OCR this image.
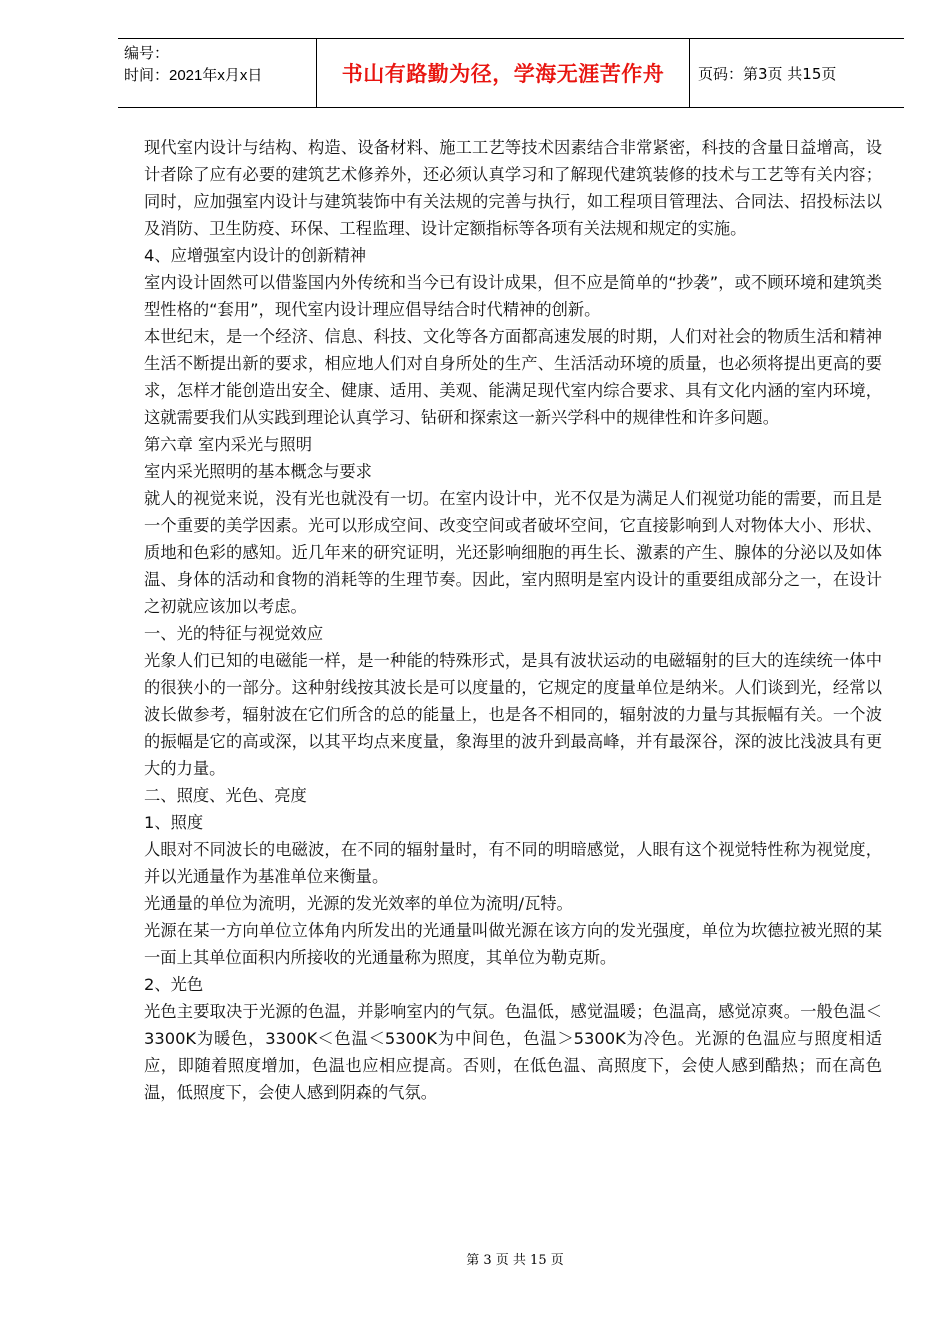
编号：
时间：2021年x月x日	书山有路勤为径，学海无涯苦作舟	页码：第3页 共15页

现代室内设计与结构、构造、设备材料、施工工艺等技术因素结合非常紧密，科技的含量日益增高，设计者除了应有必要的建筑艺术修养外，还必须认真学习和了解现代建筑装修的技术与工艺等有关内容；同时，应加强室内设计与建筑装饰中有关法规的完善与执行，如工程项目管理法、合同法、招投标法以及消防、卫生防疫、环保、工程监理、设计定额指标等各项有关法规和规定的实施。

4、应增强室内设计的创新精神

室内设计固然可以借鉴国内外传统和当今已有设计成果，但不应是简单的“抄袭”，或不顾环境和建筑类型性格的“套用”，现代室内设计理应倡导结合时代精神的创新。

本世纪末，是一个经济、信息、科技、文化等各方面都高速发展的时期，人们对社会的物质生活和精神生活不断提出新的要求，相应地人们对自身所处的生产、生活活动环境的质量，也必须将提出更高的要求，怎样才能创造出安全、健康、适用、美观、能满足现代室内综合要求、具有文化内涵的室内环境，这就需要我们从实践到理论认真学习、钻研和探索这一新兴学科中的规律性和许多问题。

第六章 室内采光与照明

室内采光照明的基本概念与要求

就人的视觉来说，没有光也就没有一切。在室内设计中，光不仅是为满足人们视觉功能的需要，而且是一个重要的美学因素。光可以形成空间、改变空间或者破坏空间，它直接影响到人对物体大小、形状、质地和色彩的感知。近几年来的研究证明，光还影响细胞的再生长、激素的产生、腺体的分泌以及如体温、身体的活动和食物的消耗等的生理节奏。因此，室内照明是室内设计的重要组成部分之一，在设计之初就应该加以考虑。

一、光的特征与视觉效应

光象人们已知的电磁能一样，是一种能的特殊形式，是具有波状运动的电磁辐射的巨大的连续统一体中的很狭小的一部分。这种射线按其波长是可以度量的，它规定的度量单位是纳米。人们谈到光，经常以波长做参考，辐射波在它们所含的总的能量上，也是各不相同的，辐射波的力量与其振幅有关。一个波的振幅是它的高或深，以其平均点来度量，象海里的波升到最高峰，并有最深谷，深的波比浅波具有更大的力量。

二、照度、光色、亮度

1、照度

人眼对不同波长的电磁波，在不同的辐射量时，有不同的明暗感觉，人眼有这个视觉特性称为视觉度，并以光通量作为基准单位来衡量。

光通量的单位为流明，光源的发光效率的单位为流明/瓦特。

光源在某一方向单位立体角内所发出的光通量叫做光源在该方向的发光强度，单位为坎德拉被光照的某一面上其单位面积内所接收的光通量称为照度，其单位为勒克斯。

2、光色

光色主要取决于光源的色温，并影响室内的气氛。色温低，感觉温暖；色温高，感觉凉爽。一般色温＜3300K为暖色，3300K＜色温＜5300K为中间色，色温＞5300K为冷色。光源的色温应与照度相适应，即随着照度增加，色温也应相应提高。否则，在低色温、高照度下，会使人感到酷热；而在高色温，低照度下，会使人感到阴森的气氛。

第 3 页 共 15 页
